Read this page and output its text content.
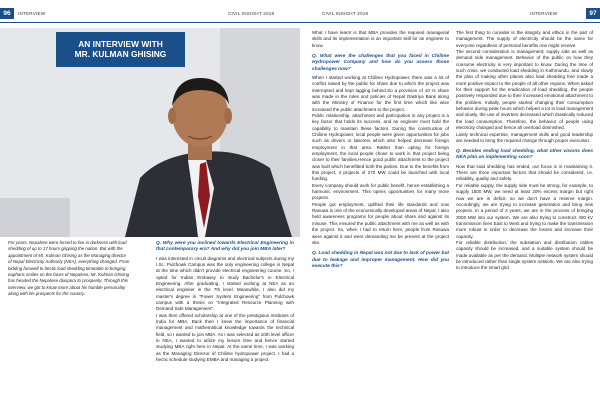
96	INTERVIEW	CIVIL INSIGHT 2018
AN INTERVIEW WITH
MR. KULMAN GHISING

For years, Nepalese were forced to live in darkness with load shedding of up to 17 hours gripping the nation. But with the appointment of Mr. Kulman Ghising as the Managing director of Nepal Electricity Authority (NEA), everything changed. From bidding farewell to hectic load shedding timetable to bringing euphoric smiles on the faces of Nepalese, Mr. Kulman Ghising has headed the Nepalese diaspora to prosperity. Through this interview, we got to know more about his humble personality along with his prospects for the country.

Q. Why were you inclined towards Electrical Engineering in that contemporary era? And why did you join MBA later?

I was interested in circuit diagrams and electrical subjects during my I.Sc. Pulchowk Campus was the only engineering college in Nepal at the time which didn't provide electrical engineering course. So, I opted for Indian Embassy to study Bachelor's in Electrical Engineering. After graduating, I started working at NEA as an electrical engineer in the 7th level. Meanwhile, I also did my master's degree in "Power System Engineering" from Pulchowk campus with a thesis on "Integrated Resource Planning with Demand Side Management".

I was then offered scholarship at one of the prestigious institutes of India for MBA. Back then I knew the importance of financial management and mathematical knowledge towards the technical field, so I wanted to join MBA. As I was selected as 10th level officer in NEA, I wanted to utilize my leisure time and hence started studying MBA right here in Nepal. At the same time, I was working as the Managing Director of Chilime hydropower project. I had a hectic schedule studying EMBA and managing a project.

CIVIL INSIGHT 2018	INTERVIEW	97

What I have learnt is that MBA provides the required managerial skills and its implementation is an important skill for an engineer to know.

Q. What were the challenges that you faced in Chilime Hydropower Company and how do you assess those challenges now?

When I started working at Chilime Hydropower, there was a lot of conflict raised by the public for share due to which the project was interrupted and kept lagging behind.So a provision of 10 % share was made in the rules and policies of Nepal Rastriya Bank along with the Ministry of Finance for the first time which like wise increased the public attachment to the project.

Public relationship, attachment and participation in any project is a key factor that holds its success, and an engineer must hold the capability to maintain these factors. During the construction of Chilime Hydropower, local people were given opportunities for jobs such as drivers or laborers which also helped decrease foreign employment in that area. Rather than opting for foreign employment, the local people chose to work in that project being closer to their families.Hence good public attachment to the project was built which benefitted both the parties. Due to the benefits from this project, 4 projects of 270 MW could be launched with local funding.

Every company should work for public benefit, hence establishing a harmonic environment. This opens opportunities for many more projects.

People got employment, uplifted their life standards and now Rasuwa is one of the economically developed areas of Nepal. I also held awareness programs for people about share and against its misuse. This ensured the public attachment with me as well as with the project. So, when I had to return here, people from Rasuwa were against it and were demanding me be present at the project site.

Q. Load shedding in Nepal was not due to lack of power but due to leakage and improper management. How did you execute this?

The first thing to consider is the integrity and ethics in the part of management. The supply of electricity should be the same for everyone regardless of personal benefits one might receive.

The second consideration is management; supply side as well as demand side management. Behavior of the public on how they consume electricity is very important to know. During the time of such crisis, we conducted load shedding in Kathmandu, and slowly the plan of making other places also load shedding free made a more positive impact to the people of all other regions. When asked for their support for the eradication of load shedding, the people positively responded due to their increased emotional attachment to the problem. Initially, people started changing their consumption behavior during peak hours which helped a lot in load management and slowly, the use of inverters decreased which drastically reduced the load consumption. Therefore, the behavior of people using electricity changed and hence all overload diminished.

Lastly technical expertise, management skills and good leadership are needed to bring the required change through proper execution.

Q. Besides ending load shedding, what other visions does NEA plan on implementing soon?

Now that load shedding has ended, our focus is in maintaining it. There are three important factors that should be considered, i.e. reliability, quality and safety.

For reliable supply, the supply side must be strong, for example, to supply 1500 MW, we need at least 20% excess margin but right now we are in deficit, so we don't have a reserve margin. Accordingly, we are trying to increase generation and bring new projects. In a period of 3 years, we are in the process of bringing 3000 MW into our system. We are also trying to construct 400 kV transmission lines East to West and trying to make the transmission more robust in order to decrease the losses and increase their capacity.

For reliable distribution, the substation and distribution cables capacity should be increased, and a suitable system should be made available as per the demand. Multiple network system should be introduced rather than single system network. We are also trying to introduce the smart grid
